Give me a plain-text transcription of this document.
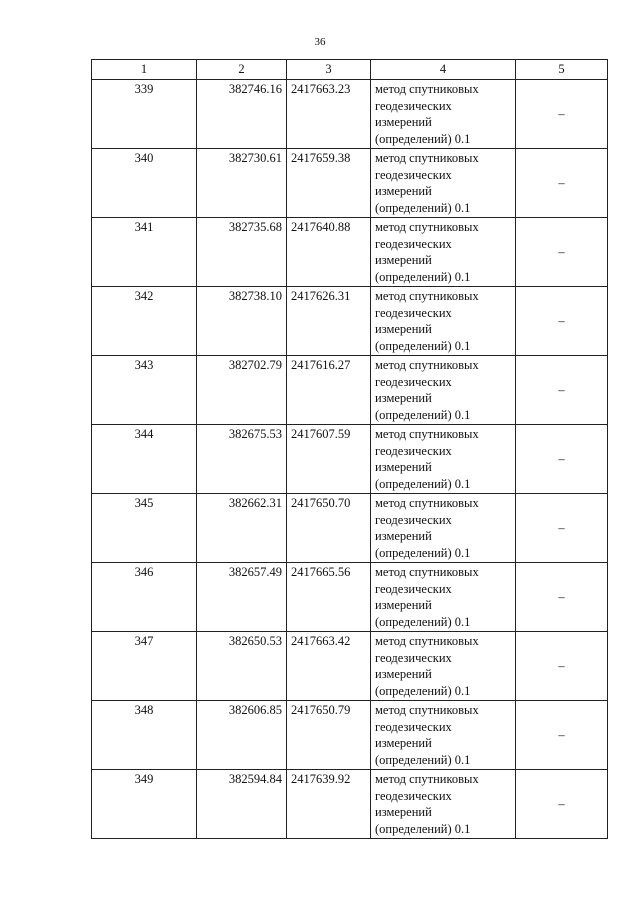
36
1	2	3	4	5
339	382746.16	2417663.23	метод спутниковых геодезических измерений (определений) 0.1	–
340	382730.61	2417659.38	метод спутниковых геодезических измерений (определений) 0.1	–
341	382735.68	2417640.88	метод спутниковых геодезических измерений (определений) 0.1	–
342	382738.10	2417626.31	метод спутниковых геодезических измерений (определений) 0.1	–
343	382702.79	2417616.27	метод спутниковых геодезических измерений (определений) 0.1	–
344	382675.53	2417607.59	метод спутниковых геодезических измерений (определений) 0.1	–
345	382662.31	2417650.70	метод спутниковых геодезических измерений (определений) 0.1	–
346	382657.49	2417665.56	метод спутниковых геодезических измерений (определений) 0.1	–
347	382650.53	2417663.42	метод спутниковых геодезических измерений (определений) 0.1	–
348	382606.85	2417650.79	метод спутниковых геодезических измерений (определений) 0.1	–
349	382594.84	2417639.92	метод спутниковых геодезических измерений (определений) 0.1	–
